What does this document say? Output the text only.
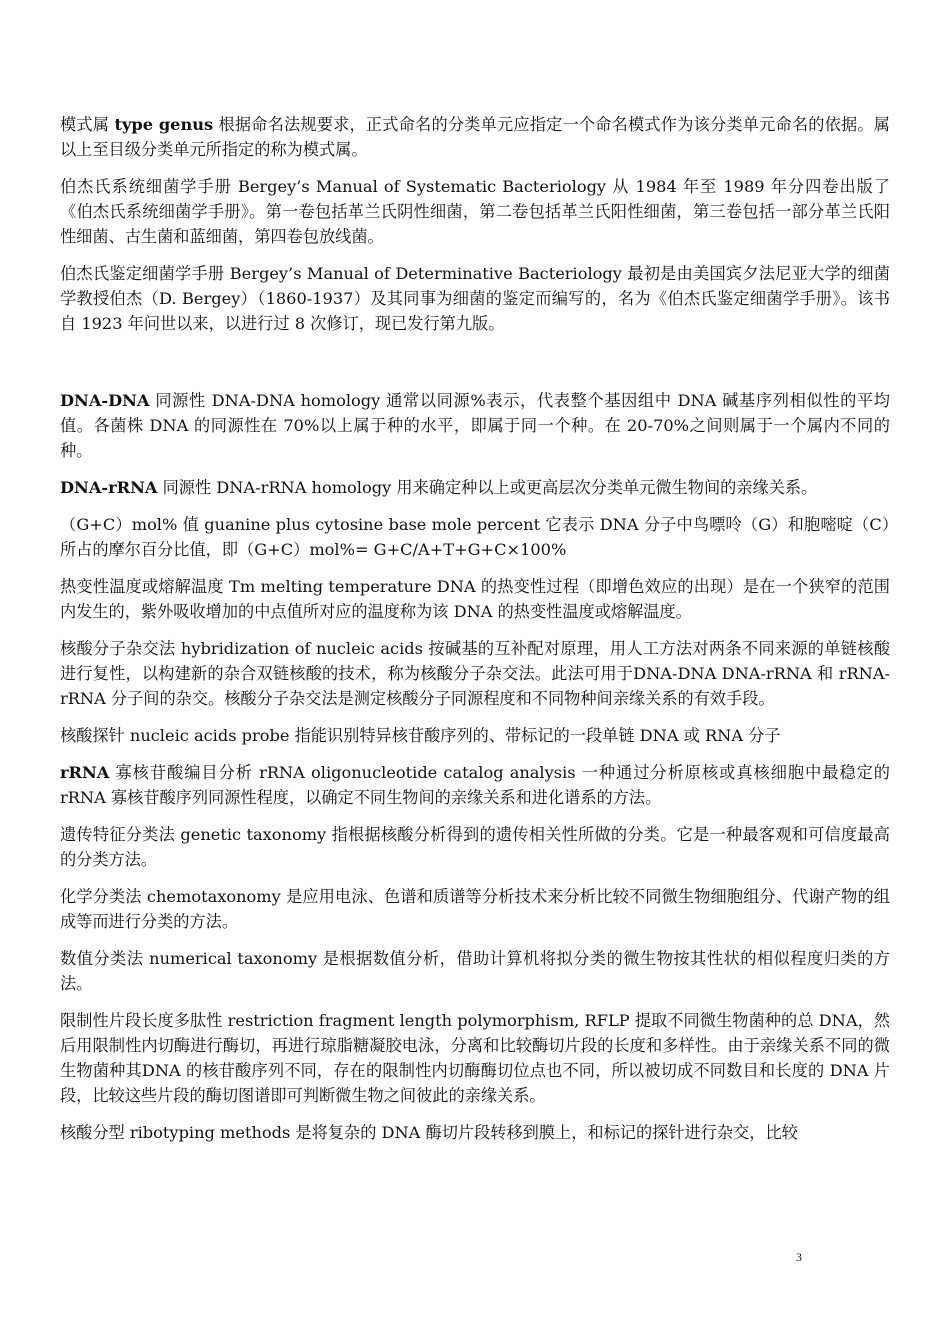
模式属 type genus 根据命名法规要求，正式命名的分类单元应指定一个命名模式作为该分类单元命名的依据。属以上至目级分类单元所指定的称为模式属。

伯杰氏系统细菌学手册 Bergey’s Manual of Systematic Bacteriology 从 1984 年至 1989 年分四卷出版了《伯杰氏系统细菌学手册》。第一卷包括革兰氏阴性细菌，第二卷包括革兰氏阳性细菌，第三卷包括一部分革兰氏阳性细菌、古生菌和蓝细菌，第四卷包放线菌。

伯杰氏鉴定细菌学手册 Bergey’s Manual of Determinative Bacteriology 最初是由美国宾夕法尼亚大学的细菌学教授伯杰（D. Bergey）（1860-1937）及其同事为细菌的鉴定而编写的，名为《伯杰氏鉴定细菌学手册》。该书自 1923 年问世以来，以进行过 8 次修订，现已发行第九版。

DNA-DNA 同源性 DNA-DNA homology 通常以同源%表示，代表整个基因组中 DNA 碱基序列相似性的平均值。各菌株 DNA 的同源性在 70%以上属于种的水平，即属于同一个种。在 20-70%之间则属于一个属内不同的种。

DNA-rRNA 同源性 DNA-rRNA homology 用来确定种以上或更高层次分类单元微生物间的亲缘关系。

（G+C）mol% 值 guanine plus cytosine base mole percent 它表示 DNA 分子中鸟嘌呤（G）和胞嘧啶（C）所占的摩尔百分比值，即（G+C）mol%= G+C/A+T+G+C×100%

热变性温度或熔解温度 Tm melting temperature DNA 的热变性过程（即增色效应的出现）是在一个狭窄的范围内发生的，紫外吸收增加的中点值所对应的温度称为该 DNA 的热变性温度或熔解温度。

核酸分子杂交法 hybridization of nucleic acids 按碱基的互补配对原理，用人工方法对两条不同来源的单链核酸进行复性，以构建新的杂合双链核酸的技术，称为核酸分子杂交法。此法可用于DNA-DNA DNA-rRNA 和 rRNA-rRNA 分子间的杂交。核酸分子杂交法是测定核酸分子同源程度和不同物种间亲缘关系的有效手段。

核酸探针 nucleic acids probe 指能识别特异核苷酸序列的、带标记的一段单链 DNA 或 RNA 分子

rRNA 寡核苷酸编目分析 rRNA oligonucleotide catalog analysis 一种通过分析原核或真核细胞中最稳定的 rRNA 寡核苷酸序列同源性程度，以确定不同生物间的亲缘关系和进化谱系的方法。

遗传特征分类法 genetic taxonomy 指根据核酸分析得到的遗传相关性所做的分类。它是一种最客观和可信度最高的分类方法。

化学分类法 chemotaxonomy 是应用电泳、色谱和质谱等分析技术来分析比较不同微生物细胞组分、代谢产物的组成等而进行分类的方法。

数值分类法 numerical taxonomy 是根据数值分析，借助计算机将拟分类的微生物按其性状的相似程度归类的方法。

限制性片段长度多肽性 restriction fragment length polymorphism, RFLP 提取不同微生物菌种的总 DNA，然后用限制性内切酶进行酶切，再进行琼脂糖凝胶电泳，分离和比较酶切片段的长度和多样性。由于亲缘关系不同的微生物菌种其DNA 的核苷酸序列不同，存在的限制性内切酶酶切位点也不同，所以被切成不同数目和长度的 DNA 片段，比较这些片段的酶切图谱即可判断微生物之间彼此的亲缘关系。

核酸分型 ribotyping methods 是将复杂的 DNA 酶切片段转移到膜上，和标记的探针进行杂交，比较

3
